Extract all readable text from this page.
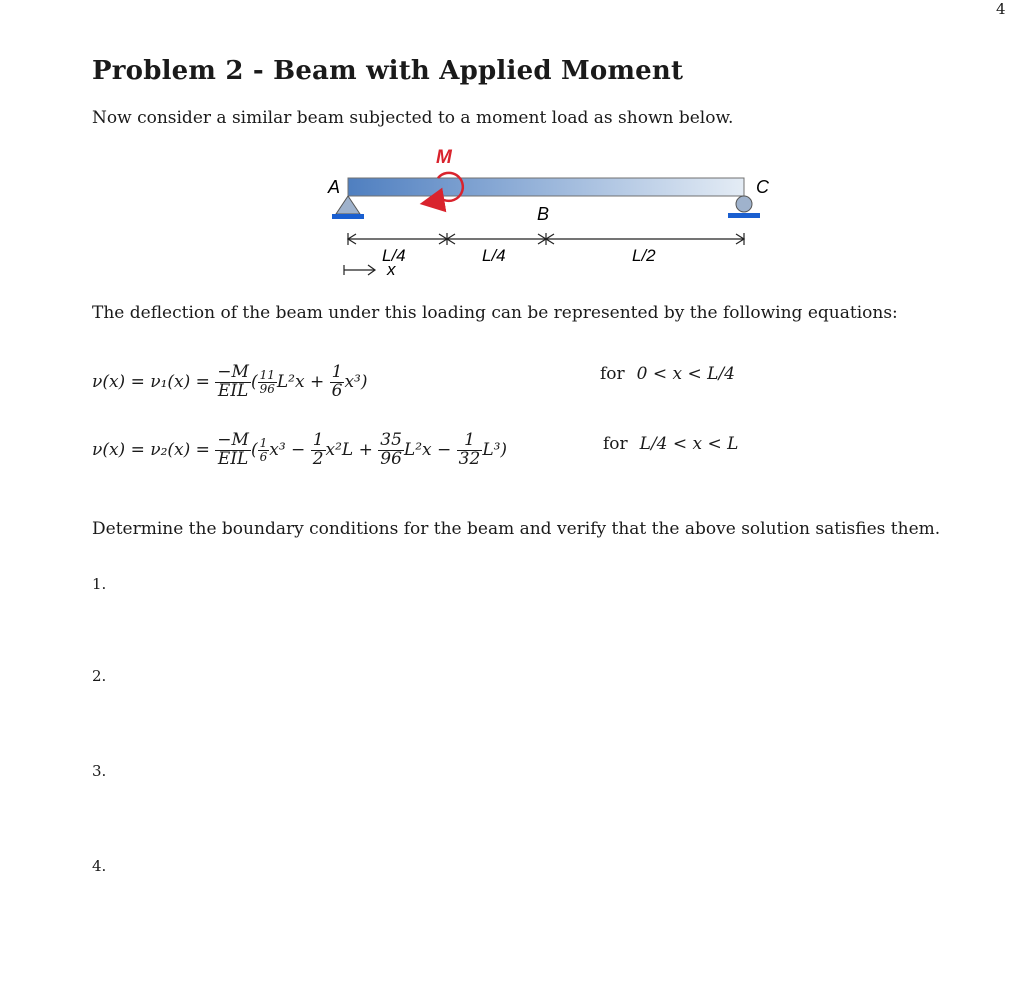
4
Problem 2 - Beam with Applied Moment
Now consider a similar beam subjected to a moment load as shown below.
M
A
B
C
L/4	L/4	L/2
x
The deflection of the beam under this loading can be represented by the following equations:
$\nu(x) = \nu_1(x) = \frac{-M}{\text{EIL}}$ ( $\frac{11}{96} L^2x + \frac{1}{6} x^3$)	for 0 < x < L/4
$\nu(x) = \nu_2(x) = \frac{-M}{\text{EIL}}$ ( $\frac{1}{6} x^3 - \frac{1}{2} x^2L + \frac{35}{96} L^2x - \frac{1}{32} L^3$)	for L/4 < x < L
Determine the boundary conditions for the beam and verify that the above solution satisfies them.
1.
2.
3.
4.
